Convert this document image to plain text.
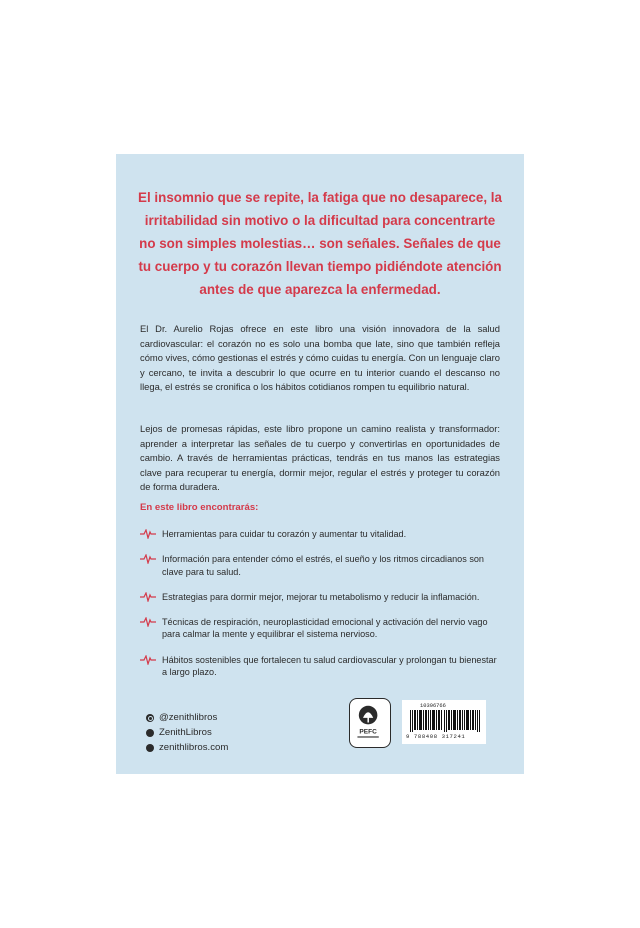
El insomnio que se repite, la fatiga que no desaparece, la irritabilidad sin motivo o la dificultad para concentrarte no son simples molestias… son señales. Señales de que tu cuerpo y tu corazón llevan tiempo pidiéndote atención antes de que aparezca la enfermedad.

El Dr. Aurelio Rojas ofrece en este libro una visión innovadora de la salud cardiovascular: el corazón no es solo una bomba que late, sino que también refleja cómo vives, cómo gestionas el estrés y cómo cuidas tu energía. Con un lenguaje claro y cercano, te invita a descubrir lo que ocurre en tu interior cuando el descanso no llega, el estrés se cronifica o los hábitos cotidianos rompen tu equilibrio natural.

Lejos de promesas rápidas, este libro propone un camino realista y transformador: aprender a interpretar las señales de tu cuerpo y convertirlas en oportunidades de cambio. A través de herramientas prácticas, tendrás en tus manos las estrategias clave para recuperar tu energía, dormir mejor, regular el estrés y proteger tu corazón de forma duradera.

En este libro encontrarás:

Herramientas para cuidar tu corazón y aumentar tu vitalidad.
Información para entender cómo el estrés, el sueño y los ritmos circadianos son clave para tu salud.
Estrategias para dormir mejor, mejorar tu metabolismo y reducir la inflamación.
Técnicas de respiración, neuroplasticidad emocional y activación del nervio vago para calmar la mente y equilibrar el sistema nervioso.
Hábitos sostenibles que fortalecen tu salud cardiovascular y prolongan tu bienestar a largo plazo.
@zenithlibros
ZenithLibros
zenithlibros.com
PEFC
10396766
9 788408 317241
